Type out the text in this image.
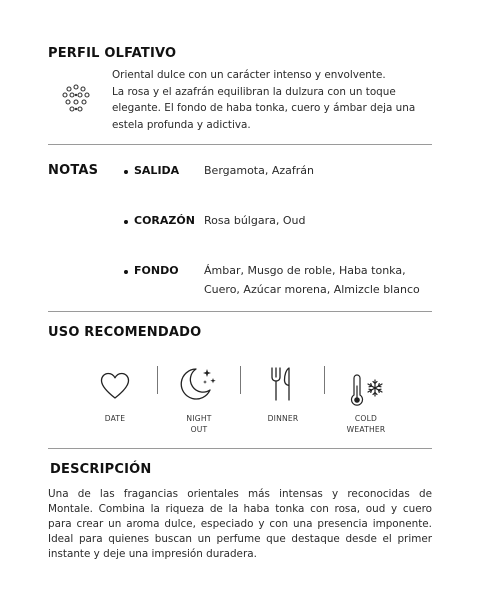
PERFIL OLFATIVO
Oriental dulce con un carácter intenso y envolvente.
La rosa y el azafrán equilibran la dulzura con un toque
elegante. El fondo de haba tonka, cuero y ámbar deja una
estela profunda y adictiva.
NOTAS	SALIDA Bergamota, Azafrán
CORAZÓN Rosa búlgara, Oud
FONDO Ámbar, Musgo de roble, Haba tonka,
Cuero, Azúcar morena, Almizcle blanco
USO RECOMENDADO
DATE	NIGHT
OUT
DINNER	COLD
WEATHER
DESCRIPCIÓN
Una de las fragancias orientales más intensas y reconocidas de
Montale. Combina la riqueza de la haba tonka con rosa, oud y cuero
para crear un aroma dulce, especiado y con una presencia imponente.
Ideal para quienes buscan un perfume que destaque desde el primer
instante y deje una impresión duradera.
